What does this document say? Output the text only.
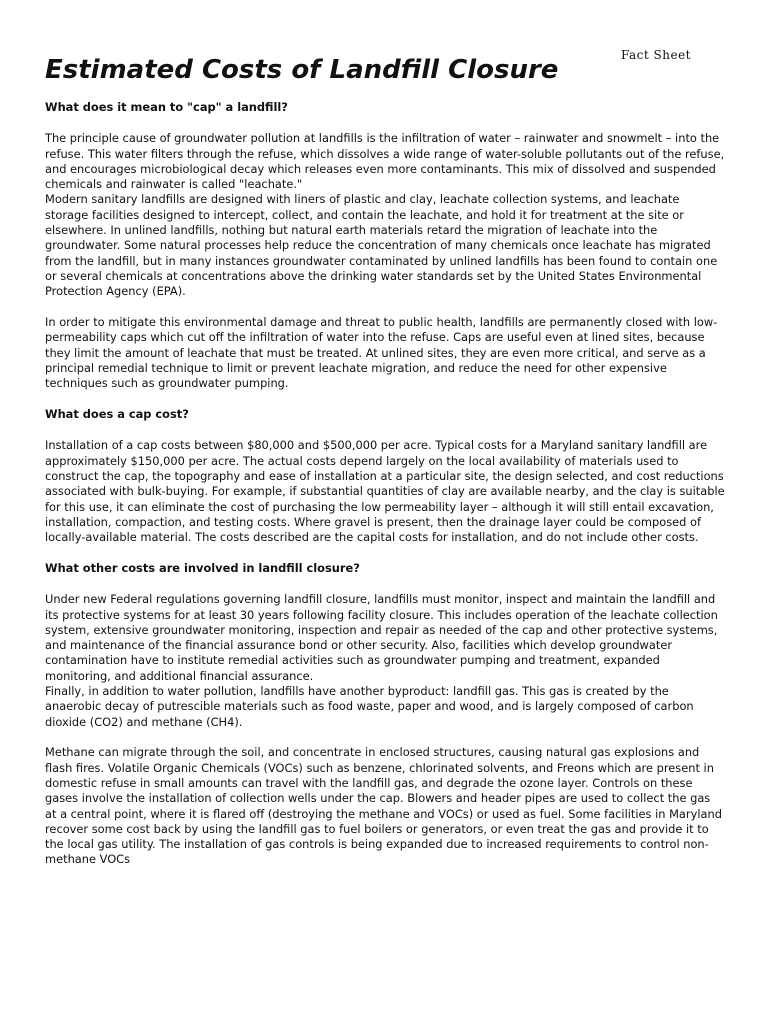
Fact Sheet
Estimated Costs of Landfill Closure
What does it mean to "cap" a landfill?

The principle cause of groundwater pollution at landfills is the infiltration of water – rainwater and snowmelt – into the refuse. This water filters through the refuse, which dissolves a wide range of water-soluble pollutants out of the refuse, and encourages microbiological decay which releases even more contaminants. This mix of dissolved and suspended chemicals and rainwater is called "leachate."

Modern sanitary landfills are designed with liners of plastic and clay, leachate collection systems, and leachate storage facilities designed to intercept, collect, and contain the leachate, and hold it for treatment at the site or elsewhere. In unlined landfills, nothing but natural earth materials retard the migration of leachate into the groundwater. Some natural processes help reduce the concentration of many chemicals once leachate has migrated from the landfill, but in many instances groundwater contaminated by unlined landfills has been found to contain one or several chemicals at concentrations above the drinking water standards set by the United States Environmental Protection Agency (EPA).

In order to mitigate this environmental damage and threat to public health, landfills are permanently closed with low-permeability caps which cut off the infiltration of water into the refuse. Caps are useful even at lined sites, because they limit the amount of leachate that must be treated. At unlined sites, they are even more critical, and serve as a principal remedial technique to limit or prevent leachate migration, and reduce the need for other expensive techniques such as groundwater pumping.

What does a cap cost?

Installation of a cap costs between $80,000 and $500,000 per acre. Typical costs for a Maryland sanitary landfill are approximately $150,000 per acre. The actual costs depend largely on the local availability of materials used to construct the cap, the topography and ease of installation at a particular site, the design selected, and cost reductions associated with bulk-buying. For example, if substantial quantities of clay are available nearby, and the clay is suitable for this use, it can eliminate the cost of purchasing the low permeability layer – although it will still entail excavation, installation, compaction, and testing costs. Where gravel is present, then the drainage layer could be composed of locally-available material. The costs described are the capital costs for installation, and do not include other costs.

What other costs are involved in landfill closure?

Under new Federal regulations governing landfill closure, landfills must monitor, inspect and maintain the landfill and its protective systems for at least 30 years following facility closure. This includes operation of the leachate collection system, extensive groundwater monitoring, inspection and repair as needed of the cap and other protective systems, and maintenance of the financial assurance bond or other security. Also, facilities which develop groundwater contamination have to institute remedial activities such as groundwater pumping and treatment, expanded monitoring, and additional financial assurance.

Finally, in addition to water pollution, landfills have another byproduct: landfill gas. This gas is created by the anaerobic decay of putrescible materials such as food waste, paper and wood, and is largely composed of carbon dioxide (CO2) and methane (CH4).

Methane can migrate through the soil, and concentrate in enclosed structures, causing natural gas explosions and flash fires. Volatile Organic Chemicals (VOCs) such as benzene, chlorinated solvents, and Freons which are present in domestic refuse in small amounts can travel with the landfill gas, and degrade the ozone layer. Controls on these gases involve the installation of collection wells under the cap. Blowers and header pipes are used to collect the gas at a central point, where it is flared off (destroying the methane and VOCs) or used as fuel. Some facilities in Maryland recover some cost back by using the landfill gas to fuel boilers or generators, or even treat the gas and provide it to the local gas utility. The installation of gas controls is being expanded due to increased requirements to control non-methane VOCs
